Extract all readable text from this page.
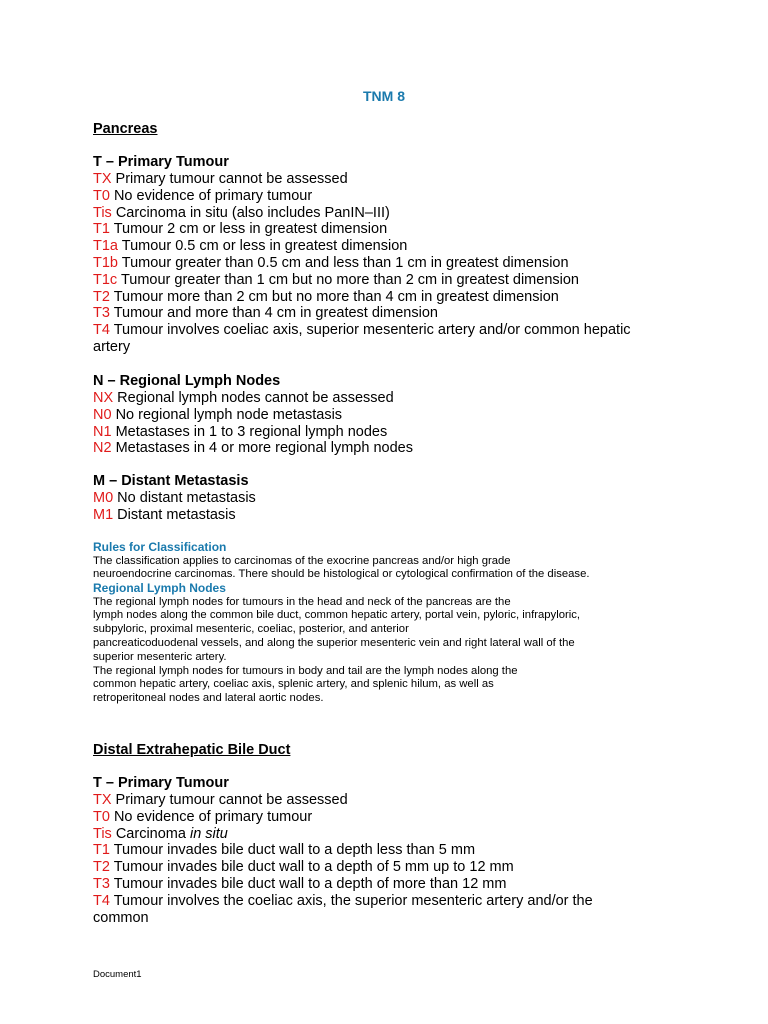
TNM 8
Pancreas
T – Primary Tumour
TX Primary tumour cannot be assessed
T0 No evidence of primary tumour
Tis Carcinoma in situ (also includes PanIN–III)
T1 Tumour 2 cm or less in greatest dimension
T1a Tumour 0.5 cm or less in greatest dimension
T1b Tumour greater than 0.5 cm and less than 1 cm in greatest dimension
T1c Tumour greater than 1 cm but no more than 2 cm in greatest dimension
T2 Tumour more than 2 cm but no more than 4 cm in greatest dimension
T3 Tumour and more than 4 cm in greatest dimension
T4 Tumour involves coeliac axis, superior mesenteric artery and/or common hepatic
artery
N – Regional Lymph Nodes
NX Regional lymph nodes cannot be assessed
N0 No regional lymph node metastasis
N1 Metastases in 1 to 3 regional lymph nodes
N2 Metastases in 4 or more regional lymph nodes
M – Distant Metastasis
M0 No distant metastasis
M1 Distant metastasis
Rules for Classification
The classification applies to carcinomas of the exocrine pancreas and/or high grade
neuroendocrine carcinomas. There should be histological or cytological confirmation of the disease.
Regional Lymph Nodes
The regional lymph nodes for tumours in the head and neck of the pancreas are the
lymph nodes along the common bile duct, common hepatic artery, portal vein, pyloric, infrapyloric,
subpyloric, proximal mesenteric, coeliac, posterior, and anterior
pancreaticoduodenal vessels, and along the superior mesenteric vein and right lateral wall of the
superior mesenteric artery.
The regional lymph nodes for tumours in body and tail are the lymph nodes along the
common hepatic artery, coeliac axis, splenic artery, and splenic hilum, as well as
retroperitoneal nodes and lateral aortic nodes.
Distal Extrahepatic Bile Duct
T – Primary Tumour
TX Primary tumour cannot be assessed
T0 No evidence of primary tumour
Tis Carcinoma in situ
T1 Tumour invades bile duct wall to a depth less than 5 mm
T2 Tumour invades bile duct wall to a depth of 5 mm up to 12 mm
T3 Tumour invades bile duct wall to a depth of more than 12 mm
T4 Tumour involves the coeliac axis, the superior mesenteric artery and/or the
common
Document1
